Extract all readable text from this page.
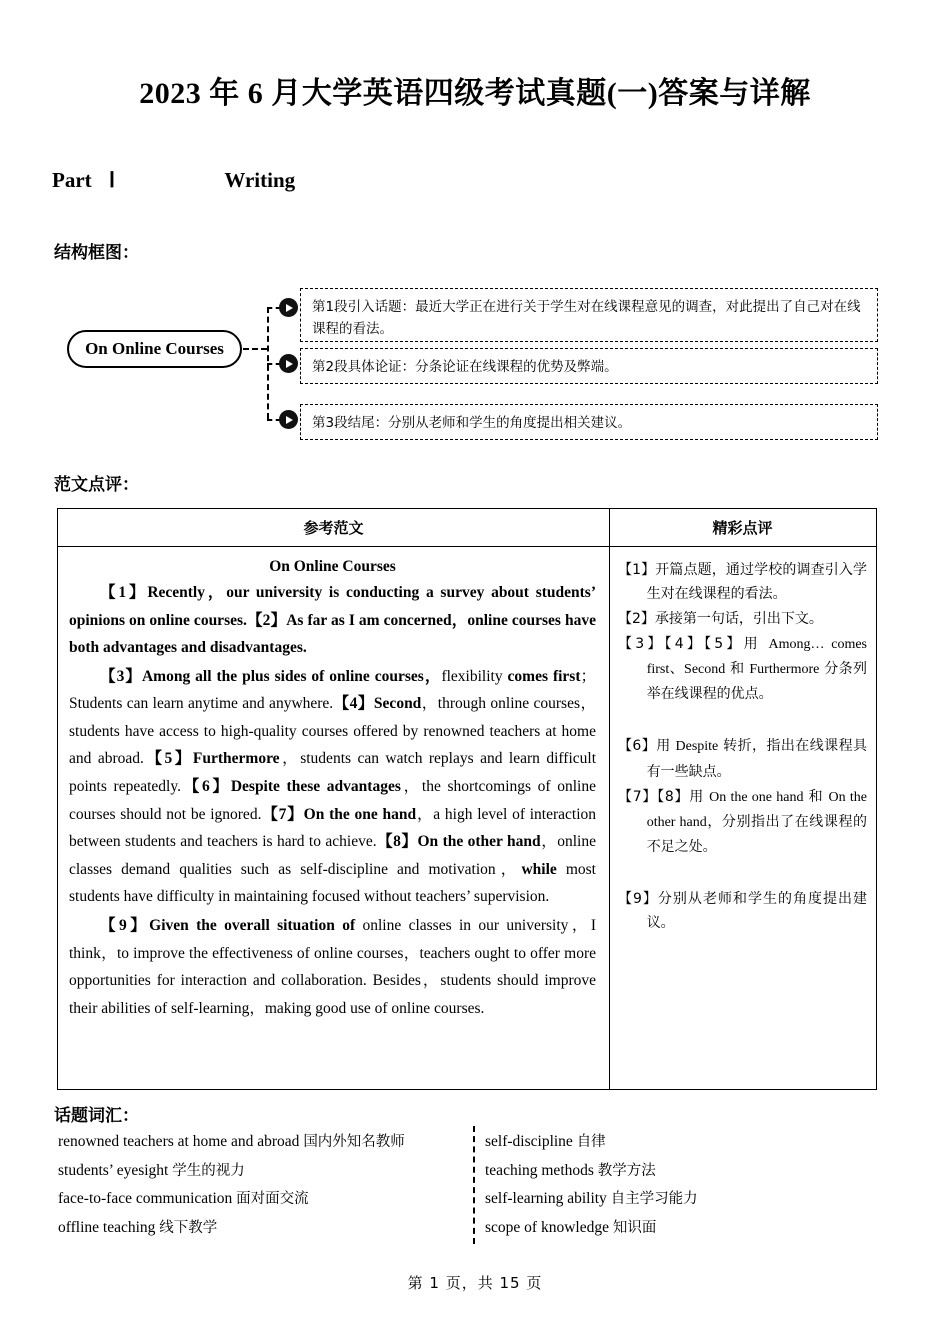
2023 年 6 月大学英语四级考试真题(一)答案与详解
Part Ⅰ	Writing
结构框图：
范文点评：
话题词汇：
On Online Courses
第1段引入话题：最近大学正在进行关于学生对在线课程意见的调查，对此提出了自己对在线课程的看法。
第2段具体论证：分条论证在线课程的优势及弊端。
第3段结尾：分别从老师和学生的角度提出相关建议。
参考范文	精彩点评
On Online Courses

【1】Recently，our university is conducting a survey about students’ opinions on online courses.【2】As far as I am concerned，online courses have both advantages and disadvantages.

【3】Among all the plus sides of online courses，flexibility comes first；Students can learn anytime and anywhere.【4】Second，through online courses，students have access to high-quality courses offered by renowned teachers at home and abroad.【5】Furthermore，students can watch replays and learn difficult points repeatedly.【6】Despite these advantages，the shortcomings of online courses should not be ignored.【7】On the one hand，a high level of interaction between students and teachers is hard to achieve.【8】On the other hand，online classes demand qualities such as self-discipline and motivation，while most students have difficulty in maintaining focused without teachers’ supervision.

【9】Given the overall situation of online classes in our university，I think，to improve the effectiveness of online courses，teachers ought to offer more opportunities for interaction and collaboration. Besides，students should improve their abilities of self-learning，making good use of online courses.

【1】开篇点题，通过学校的调查引入学生对在线课程的看法。

【2】承接第一句话，引出下文。

【3】【4】【5】用 Among… comes first、Second 和 Furthermore 分条列举在线课程的优点。

【6】用 Despite 转折，指出在线课程具有一些缺点。

【7】【8】用 On the one hand 和 On the other hand，分别指出了在线课程的不足之处。

【9】分别从老师和学生的角度提出建议。

renowned teachers at home and abroad 国内外知名教师
students’ eyesight 学生的视力
face-to-face communication 面对面交流
offline teaching 线下教学
self-discipline 自律
teaching methods 教学方法
self-learning ability 自主学习能力
scope of knowledge 知识面
第 1 页，共 15 页
